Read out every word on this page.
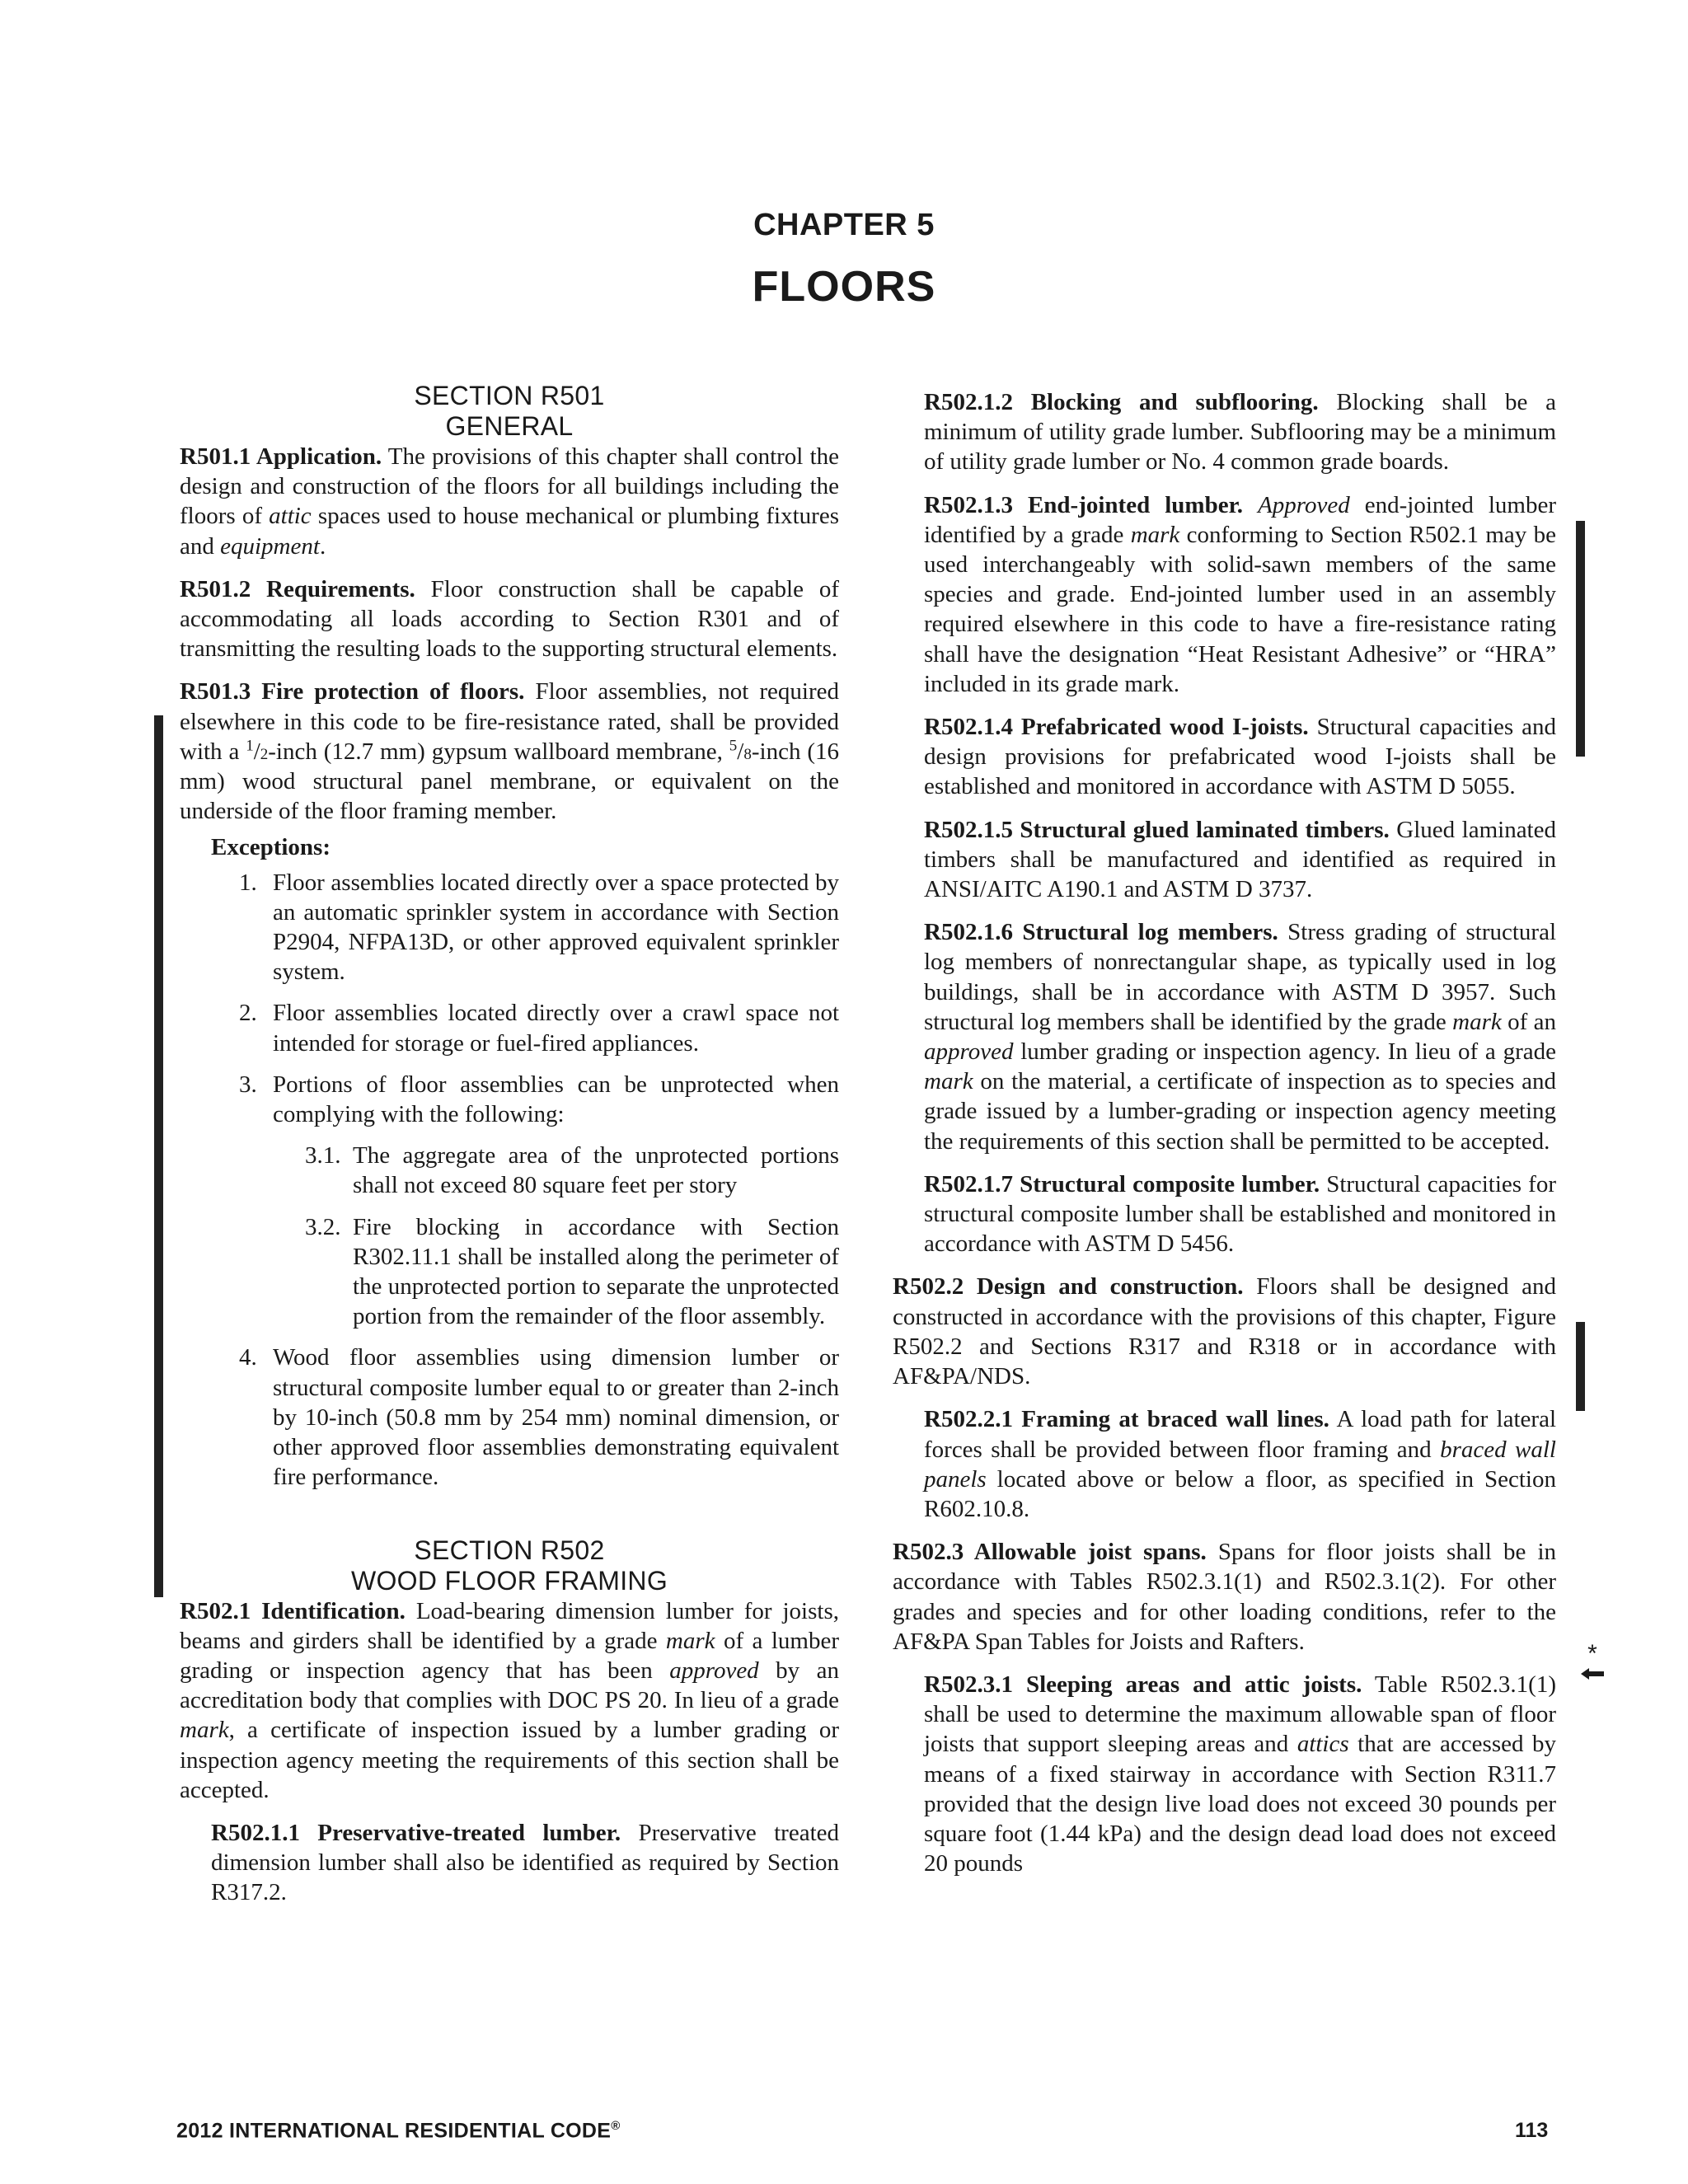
CHAPTER 5
FLOORS
SECTION R501
GENERAL

R501.1 Application. The provisions of this chapter shall control the design and construction of the floors for all buildings including the floors of attic spaces used to house mechanical or plumbing fixtures and equipment.

R501.2 Requirements. Floor construction shall be capable of accommodating all loads according to Section R301 and of transmitting the resulting loads to the supporting structural elements.

R501.3 Fire protection of floors. Floor assemblies, not required elsewhere in this code to be fire-resistance rated, shall be provided with a $^1$/2-inch (12.7 mm) gypsum wallboard membrane, $^5$/8-inch (16 mm) wood structural panel membrane, or equivalent on the underside of the floor framing member.

Exceptions:
1. Floor assemblies located directly over a space protected by an automatic sprinkler system in accordance with Section P2904, NFPA13D, or other approved equivalent sprinkler system.
2. Floor assemblies located directly over a crawl space not intended for storage or fuel-fired appliances.
3. Portions of floor assemblies can be unprotected when complying with the following:
3.1. The aggregate area of the unprotected portions shall not exceed 80 square feet per story
3.2. Fire blocking in accordance with Section R302.11.1 shall be installed along the perimeter of the unprotected portion to separate the unprotected portion from the remainder of the floor assembly.
4. Wood floor assemblies using dimension lumber or structural composite lumber equal to or greater than 2-inch by 10-inch (50.8 mm by 254 mm) nominal dimension, or other approved floor assemblies demonstrating equivalent fire performance.
SECTION R502
WOOD FLOOR FRAMING

R502.1 Identification. Load-bearing dimension lumber for joists, beams and girders shall be identified by a grade mark of a lumber grading or inspection agency that has been approved by an accreditation body that complies with DOC PS 20. In lieu of a grade mark, a certificate of inspection issued by a lumber grading or inspection agency meeting the requirements of this section shall be accepted.

R502.1.1 Preservative-treated lumber. Preservative treated dimension lumber shall also be identified as required by Section R317.2.

R502.1.2 Blocking and subflooring. Blocking shall be a minimum of utility grade lumber. Subflooring may be a minimum of utility grade lumber or No. 4 common grade boards.

R502.1.3 End-jointed lumber. Approved end-jointed lumber identified by a grade mark conforming to Section R502.1 may be used interchangeably with solid-sawn members of the same species and grade. End-jointed lumber used in an assembly required elsewhere in this code to have a fire-resistance rating shall have the designation “Heat Resistant Adhesive” or “HRA” included in its grade mark.

R502.1.4 Prefabricated wood I-joists. Structural capacities and design provisions for prefabricated wood I-joists shall be established and monitored in accordance with ASTM D 5055.

R502.1.5 Structural glued laminated timbers. Glued laminated timbers shall be manufactured and identified as required in ANSI/AITC A190.1 and ASTM D 3737.

R502.1.6 Structural log members. Stress grading of structural log members of nonrectangular shape, as typically used in log buildings, shall be in accordance with ASTM D 3957. Such structural log members shall be identified by the grade mark of an approved lumber grading or inspection agency. In lieu of a grade mark on the material, a certificate of inspection as to species and grade issued by a lumber-grading or inspection agency meeting the requirements of this section shall be permitted to be accepted.

R502.1.7 Structural composite lumber. Structural capacities for structural composite lumber shall be established and monitored in accordance with ASTM D 5456.

R502.2 Design and construction. Floors shall be designed and constructed in accordance with the provisions of this chapter, Figure R502.2 and Sections R317 and R318 or in accordance with AF&PA/NDS.

R502.2.1 Framing at braced wall lines. A load path for lateral forces shall be provided between floor framing and braced wall panels located above or below a floor, as specified in Section R602.10.8.

R502.3 Allowable joist spans. Spans for floor joists shall be in accordance with Tables R502.3.1(1) and R502.3.1(2). For other grades and species and for other loading conditions, refer to the AF&PA Span Tables for Joists and Rafters.

R502.3.1 Sleeping areas and attic joists. Table R502.3.1(1) shall be used to determine the maximum allowable span of floor joists that support sleeping areas and attics that are accessed by means of a fixed stairway in accordance with Section R311.7 provided that the design live load does not exceed 30 pounds per square foot (1.44 kPa) and the design dead load does not exceed 20 pounds

*
2012 INTERNATIONAL RESIDENTIAL CODE®	113
